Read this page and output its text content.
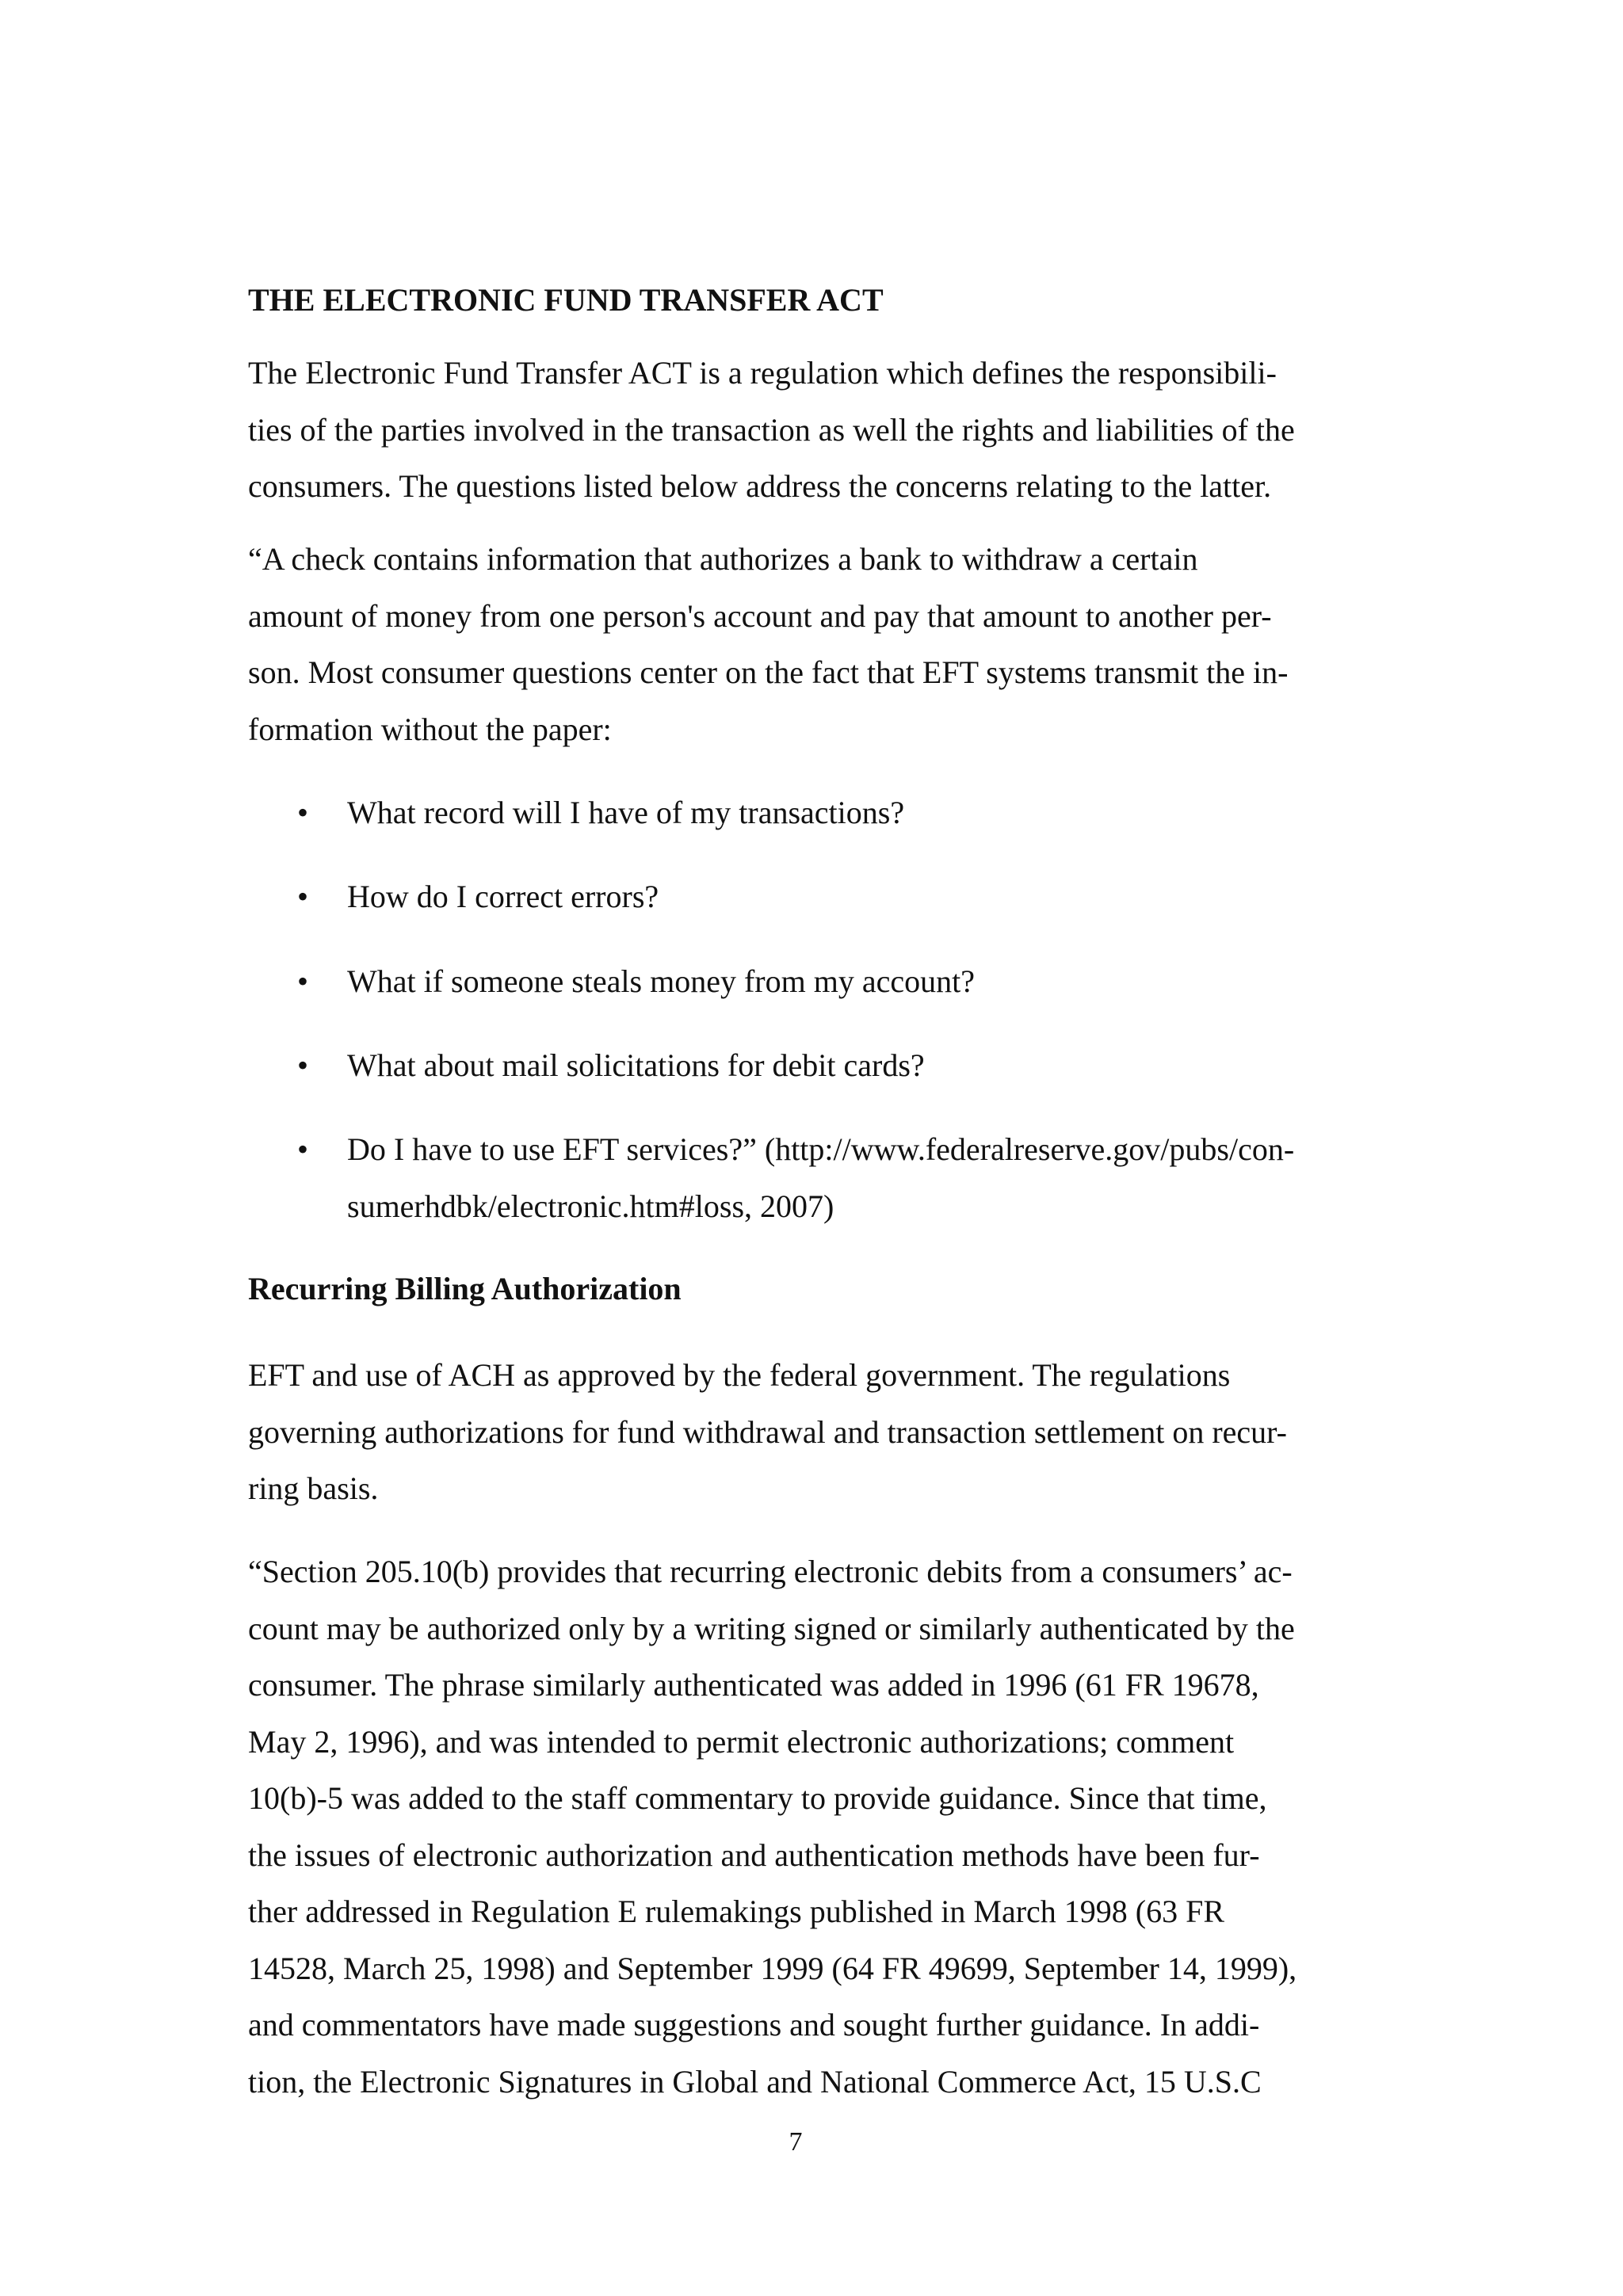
THE ELECTRONIC FUND TRANSFER ACT

The Electronic Fund Transfer ACT is a regulation which defines the responsibili-
ties of the parties involved in the transaction as well the rights and liabilities of the
consumers. The questions listed below address the concerns relating to the latter.

“A check contains information that authorizes a bank to withdraw a certain
amount of money from one person's account and pay that amount to another per-
son. Most consumer questions center on the fact that EFT systems transmit the in-
formation without the paper:

•	What record will I have of my transactions?
•	How do I correct errors?
•	What if someone steals money from my account?
•	What about mail solicitations for debit cards?
•	Do I have to use EFT services?” (http://www.federalreserve.gov/pubs/con-
sumerhdbk/electronic.htm#loss, 2007)
Recurring Billing Authorization

EFT and use of ACH as approved by the federal government. The regulations
governing authorizations for fund withdrawal and transaction settlement on recur-
ring basis.

“Section 205.10(b) provides that recurring electronic debits from a consumers’ ac-
count may be authorized only by a writing signed or similarly authenticated by the
consumer. The phrase similarly authenticated was added in 1996 (61 FR 19678,
May 2, 1996), and was intended to permit electronic authorizations; comment
10(b)-5 was added to the staff commentary to provide guidance. Since that time,
the issues of electronic authorization and authentication methods have been fur-
ther addressed in Regulation E rulemakings published in March 1998 (63 FR
14528, March 25, 1998) and September 1999 (64 FR 49699, September 14, 1999),
and commentators have made suggestions and sought further guidance. In addi-
tion, the Electronic Signatures in Global and National Commerce Act, 15 U.S.C

7
